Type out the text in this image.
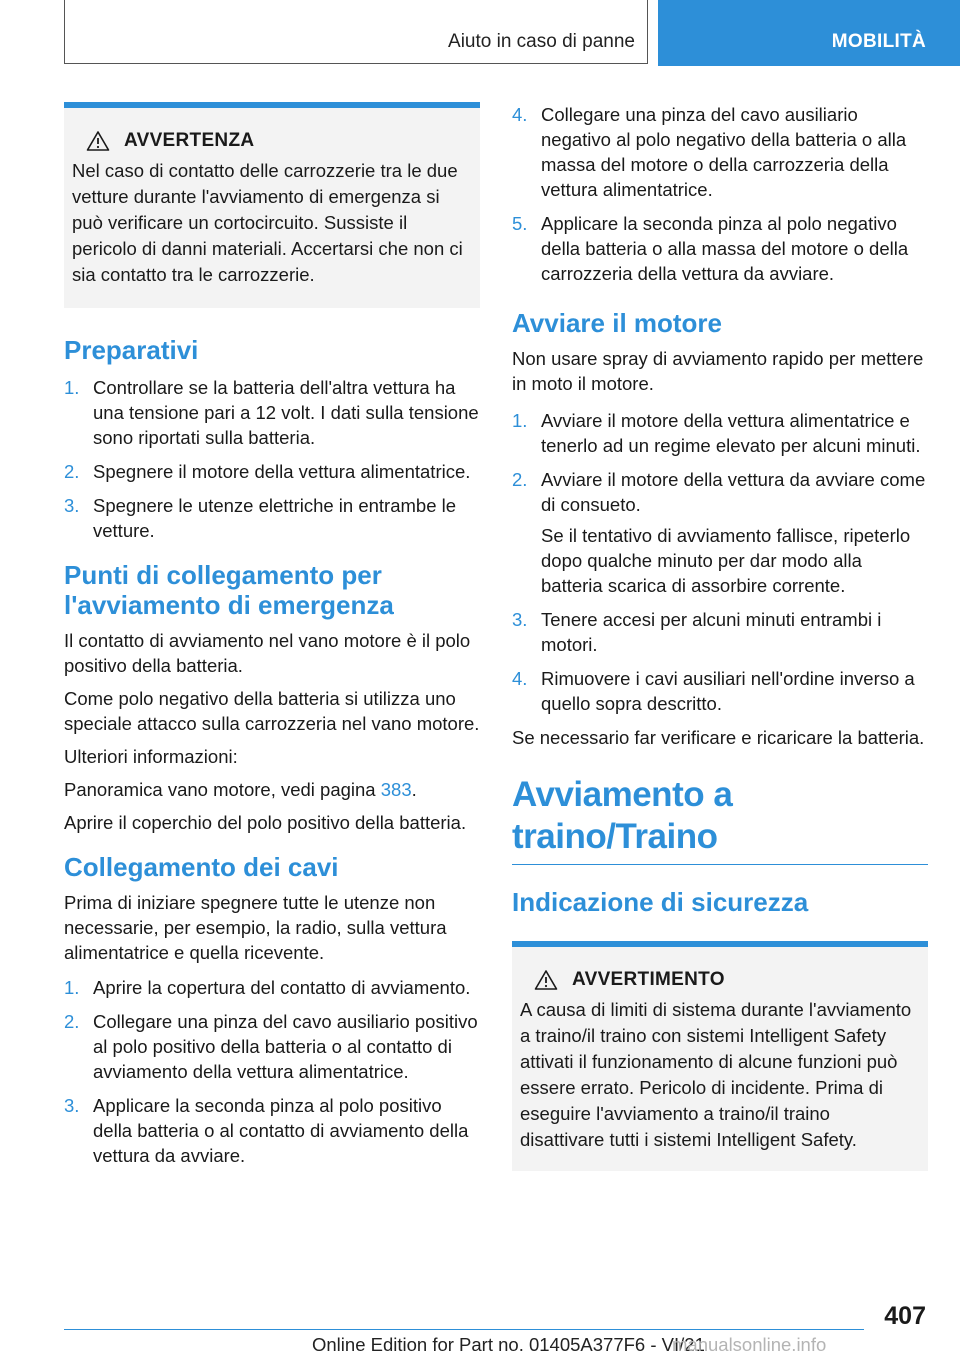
Aiuto in caso di panne	MOBILITÀ
AVVERTENZA

Nel caso di contatto delle carrozzerie tra le due vetture durante l'avviamento di emergenza si può verificare un cortocircuito. Sussiste il pericolo di danni materiali. Accertarsi che non ci sia contatto tra le carrozzerie.

Preparativi
1. Controllare se la batteria dell'altra vettura ha una tensione pari a 12 volt. I dati sulla tensione sono riportati sulla batteria.
2. Spegnere il motore della vettura alimentatrice.
3. Spegnere le utenze elettriche in entrambe le vetture.
Punti di collegamento per l'avviamento di emergenza

Il contatto di avviamento nel vano motore è il polo positivo della batteria.

Come polo negativo della batteria si utilizza uno speciale attacco sulla carrozzeria nel vano motore.

Ulteriori informazioni:

Panoramica vano motore, vedi pagina 383.

Aprire il coperchio del polo positivo della batteria.

Collegamento dei cavi

Prima di iniziare spegnere tutte le utenze non necessarie, per esempio, la radio, sulla vettura alimentatrice e quella ricevente.

1. Aprire la copertura del contatto di avviamento.
2. Collegare una pinza del cavo ausiliario positivo al polo positivo della batteria o al contatto di avviamento della vettura alimentatrice.
3. Applicare la seconda pinza al polo positivo della batteria o al contatto di avviamento della vettura da avviare.
4. Collegare una pinza del cavo ausiliario negativo al polo negativo della batteria o alla massa del motore o della carrozzeria della vettura alimentatrice.
5. Applicare la seconda pinza al polo negativo della batteria o alla massa del motore o della carrozzeria della vettura da avviare.
Avviare il motore

Non usare spray di avviamento rapido per mettere in moto il motore.

1. Avviare il motore della vettura alimentatrice e tenerlo ad un regime elevato per alcuni minuti.
2. Avviare il motore della vettura da avviare come di consueto.
Se il tentativo di avviamento fallisce, ripeterlo dopo qualche minuto per dar modo alla batteria scarica di assorbire corrente.
3. Tenere accesi per alcuni minuti entrambi i motori.
4. Rimuovere i cavi ausiliari nell'ordine inverso a quello sopra descritto.

Se necessario far verificare e ricaricare la batteria.

Avviamento a traino/Traino
Indicazione di sicurezza
AVVERTIMENTO

A causa di limiti di sistema durante l'avviamento a traino/il traino con sistemi Intelligent Safety attivati il funzionamento di alcune funzioni può essere errato. Pericolo di incidente. Prima di eseguire l'avviamento a traino/il traino disattivare tutti i sistemi Intelligent Safety.

407
Online Edition for Part no. 01405A377F6 - VI/21
manualsonline.info
